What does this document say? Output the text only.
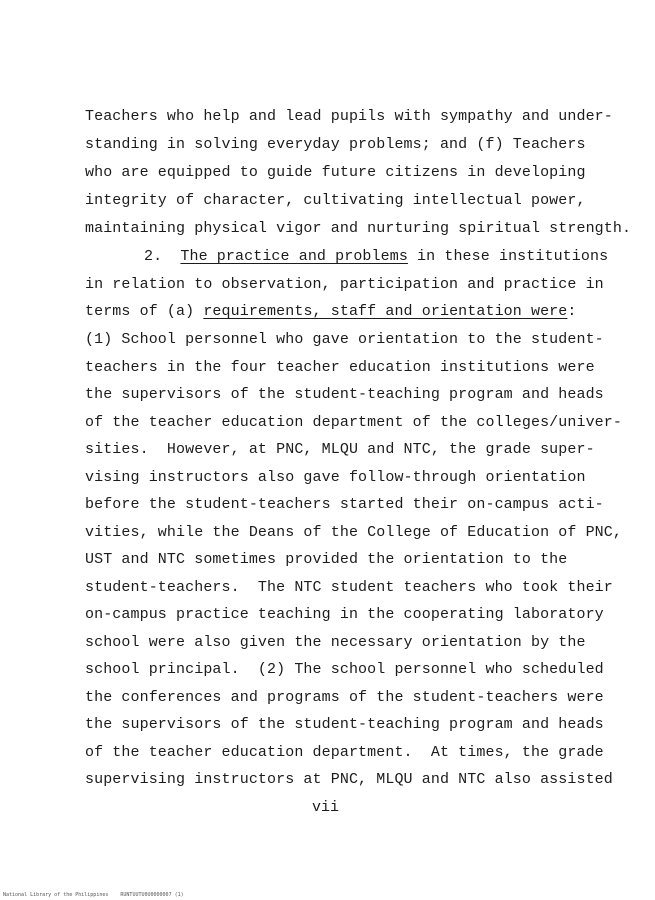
Teachers who help and lead pupils with sympathy and under-
standing in solving everyday problems; and (f) Teachers
who are equipped to guide future citizens in developing
integrity of character, cultivating intellectual power,
maintaining physical vigor and nurturing spiritual strength.
2. The practice and problems in these institutions
in relation to observation, participation and practice in
terms of (a) requirements, staff and orientation were:
(1) School personnel who gave orientation to the student-
teachers in the four teacher education institutions were
the supervisors of the student-teaching program and heads
of the teacher education department of the colleges/univer-
sities.  However, at PNC, MLQU and NTC, the grade super-
vising instructors also gave follow-through orientation
before the student-teachers started their on-campus acti-
vities, while the Deans of the College of Education of PNC,
UST and NTC sometimes provided the orientation to the
student-teachers.  The NTC student teachers who took their
on-campus practice teaching in the cooperating laboratory
school were also given the necessary orientation by the
school principal.  (2) The school personnel who scheduled
the conferences and programs of the student-teachers were
the supervisors of the student-teaching program and heads
of the teacher education department.  At times, the grade
supervising instructors at PNC, MLQU and NTC also assisted
vii
National Library of the Philippines    RUNTUUTU0U0000007 (1)
